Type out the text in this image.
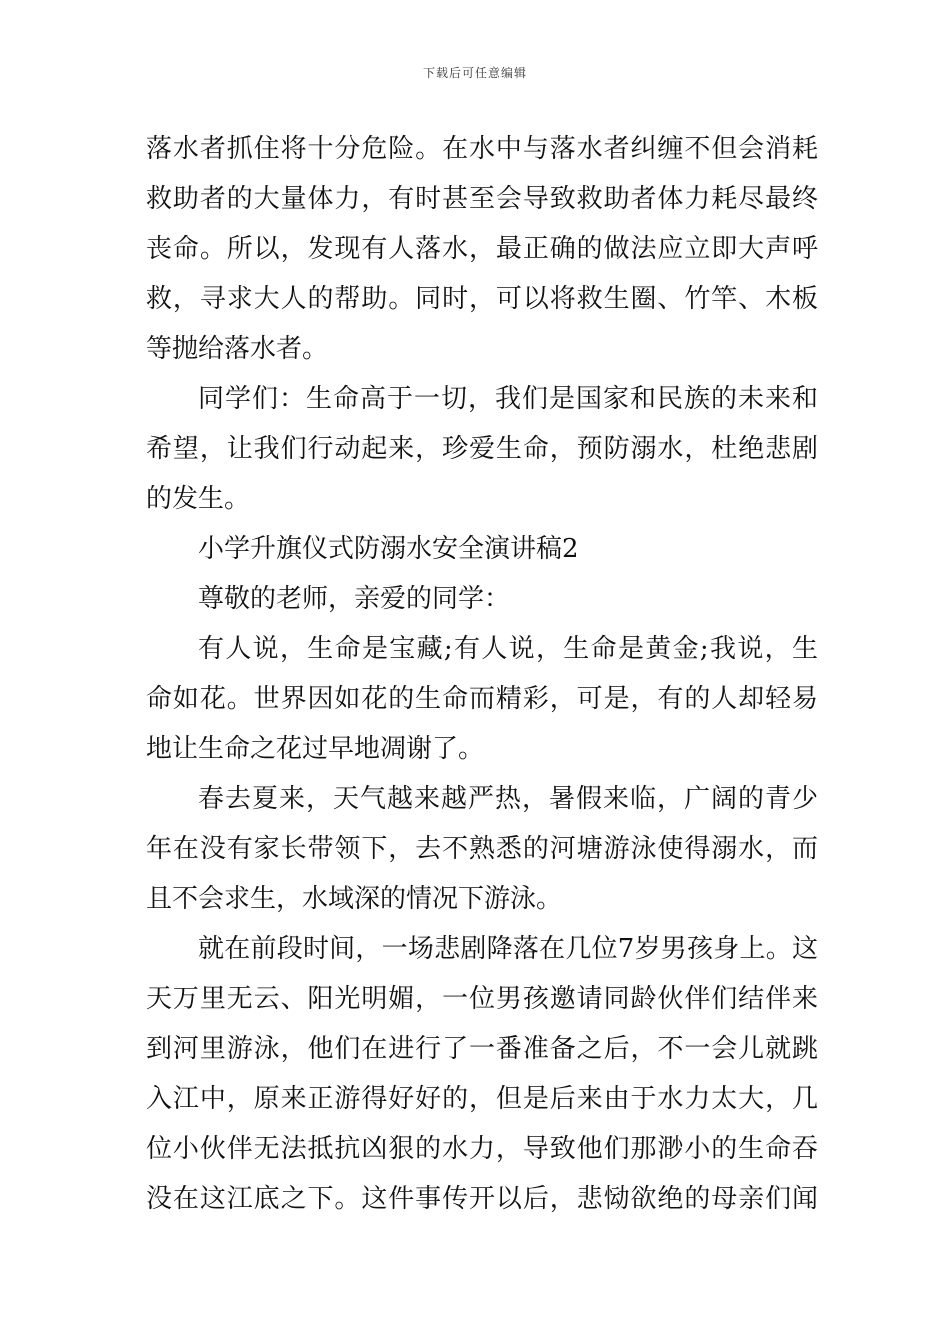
下载后可任意编辑
落水者抓住将十分危险。在水中与落水者纠缠不但会消耗
救助者的大量体力，有时甚至会导致救助者体力耗尽最终
丧命。所以，发现有人落水，最正确的做法应立即大声呼
救，寻求大人的帮助。同时，可以将救生圈、竹竿、木板
等抛给落水者。
同学们：生命高于一切，我们是国家和民族的未来和
希望，让我们行动起来，珍爱生命，预防溺水，杜绝悲剧
的发生。
小学升旗仪式防溺水安全演讲稿2
尊敬的老师，亲爱的同学：
有人说，生命是宝藏;有人说，生命是黄金;我说，生
命如花。世界因如花的生命而精彩，可是，有的人却轻易
地让生命之花过早地凋谢了。
春去夏来，天气越来越严热，暑假来临，广阔的青少
年在没有家长带领下，去不熟悉的河塘游泳使得溺水，而
且不会求生，水域深的情况下游泳。
就在前段时间，一场悲剧降落在几位7岁男孩身上。这
天万里无云、阳光明媚，一位男孩邀请同龄伙伴们结伴来
到河里游泳，他们在进行了一番准备之后，不一会儿就跳
入江中，原来正游得好好的，但是后来由于水力太大，几
位小伙伴无法抵抗凶狠的水力，导致他们那渺小的生命吞
没在这江底之下。这件事传开以后，悲恸欲绝的母亲们闻
